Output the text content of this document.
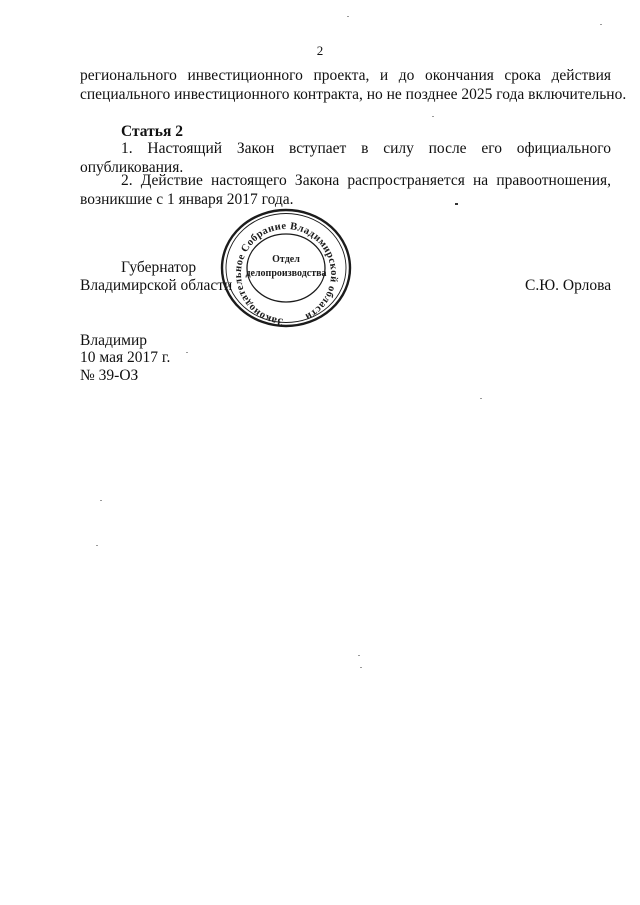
2
регионального инвестиционного проекта, и до окончания срока действия
специального инвестиционного контракта, но не позднее 2025 года включительно.
Статья 2
1. Настоящий Закон вступает в силу после его официального
опубликования.
2. Действие настоящего Закона распространяется на правоотношения,
возникшие с 1 января 2017 года.
Губернатор
Владимирской области	С.Ю. Орлова
Законодательное Собрание Владимирской области
Отдел
делопроизводства
Владимир
10 мая 2017 г.
№ 39-ОЗ
